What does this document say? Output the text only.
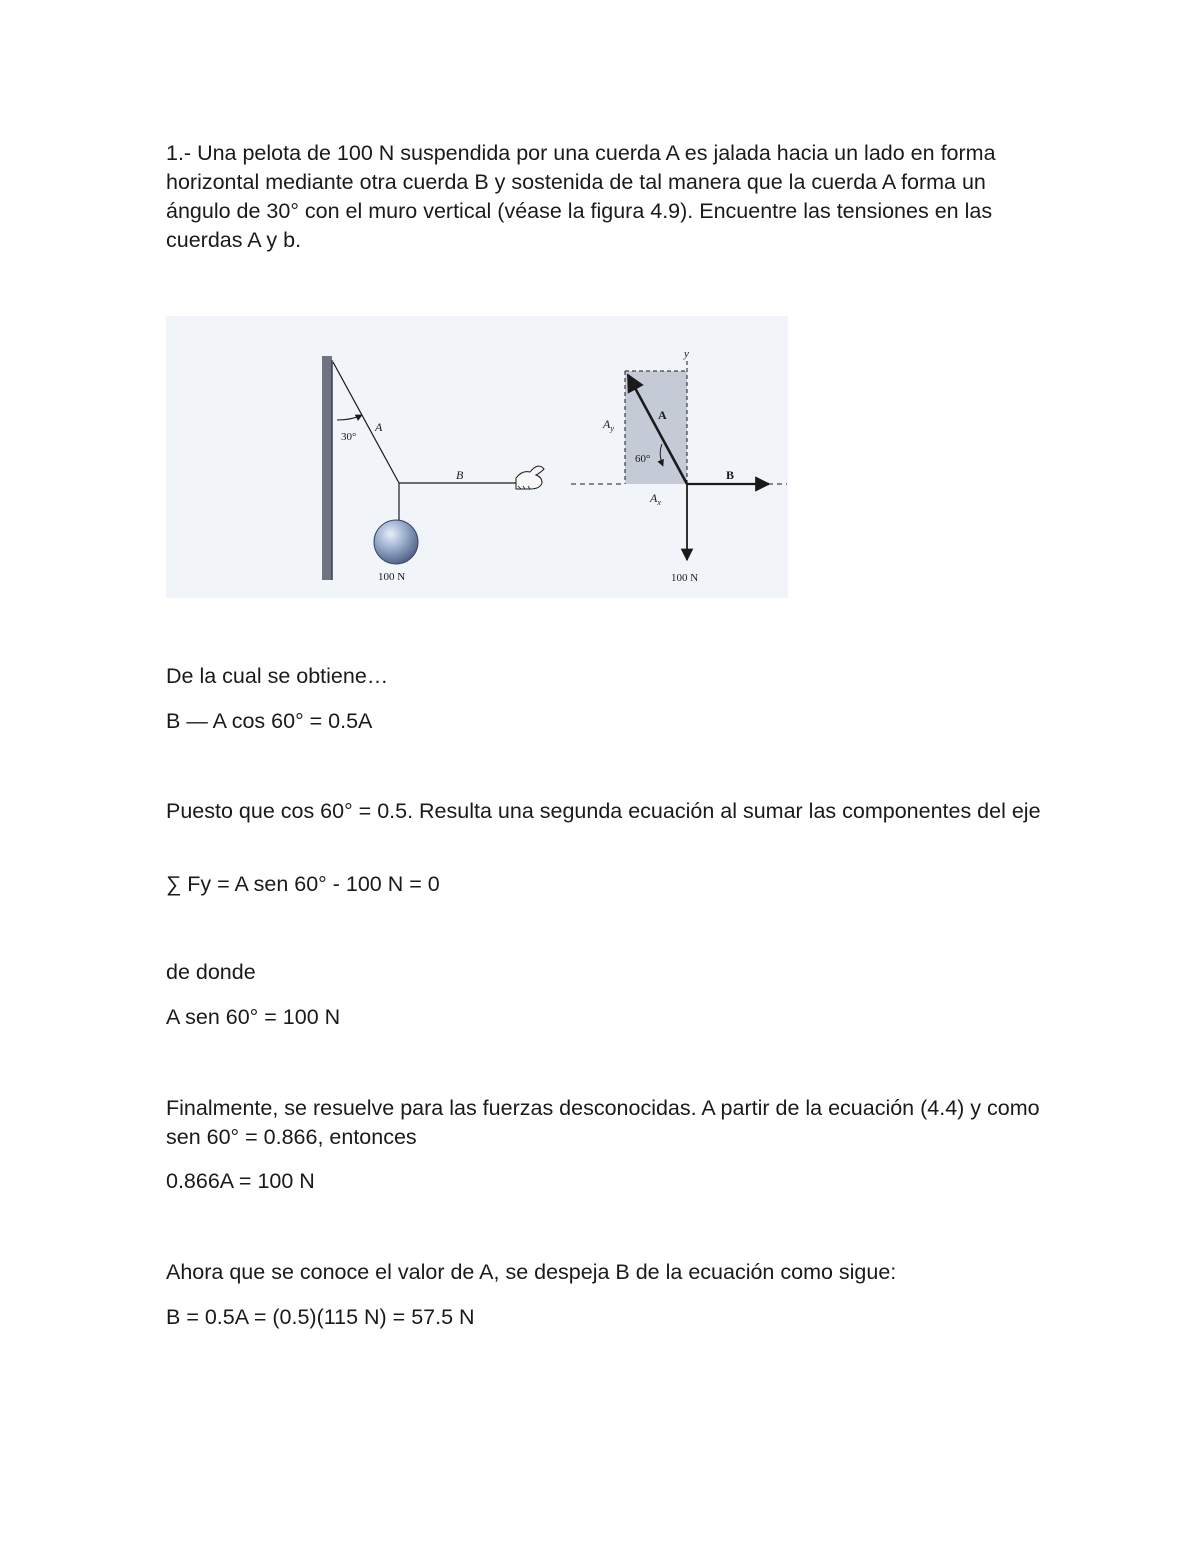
1.- Una pelota de 100 N suspendida por una cuerda A es jalada hacia un lado en forma horizontal mediante otra cuerda B y sostenida de tal manera que la cuerda A forma un ángulo de 30° con el muro vertical (véase la figura 4.9). Encuentre las tensiones en las cuerdas A y b.

30°
A
B
100 N
y
A
$A_y$
60°
$A_x$
B
100 N

De la cual se obtiene…

B — A cos 60° = 0.5A

Puesto que cos 60° = 0.5. Resulta una segunda ecuación al sumar las componentes del eje

∑ Fy = A sen 60° - 100 N = 0

de donde

A sen 60° = 100 N

Finalmente, se resuelve para las fuerzas desconocidas. A partir de la ecuación (4.4) y como sen 60° = 0.866, entonces

0.866A = 100 N

Ahora que se conoce el valor de A, se despeja B de la ecuación como sigue:

B = 0.5A = (0.5)(115 N) = 57.5 N
